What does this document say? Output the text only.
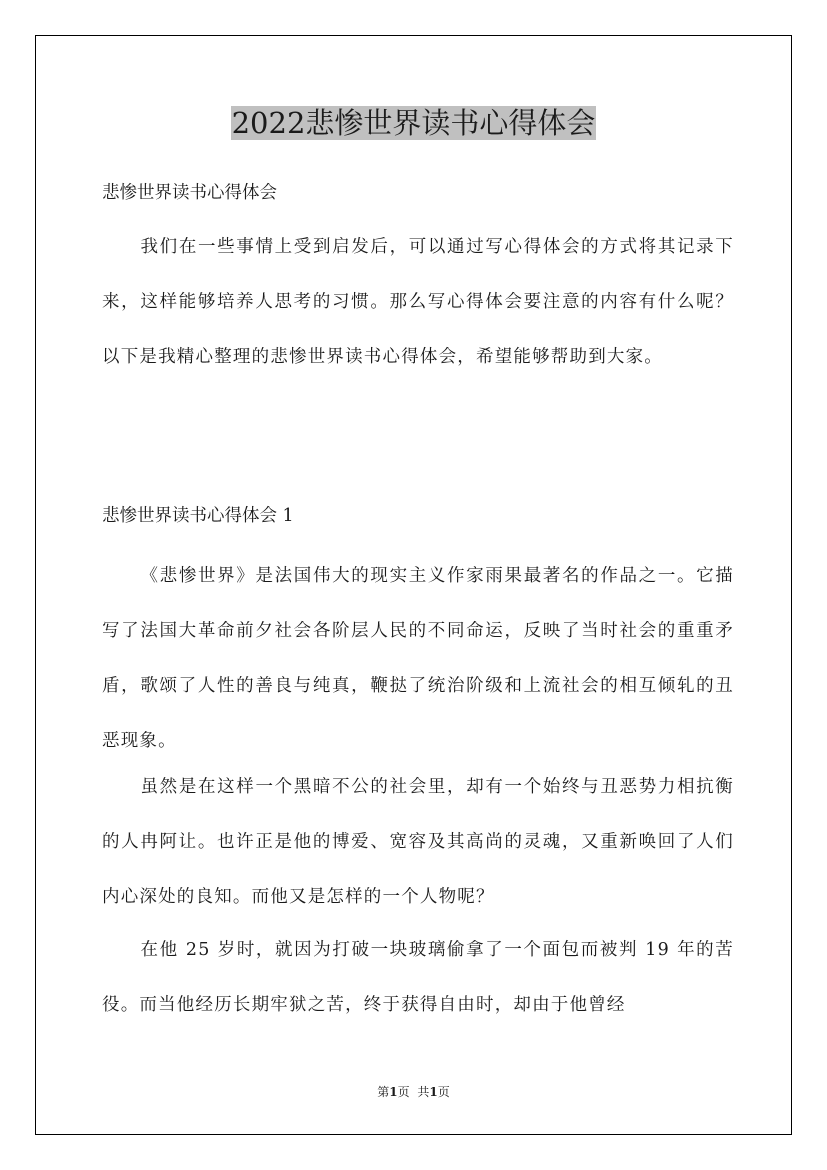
2022悲惨世界读书心得体会

悲惨世界读书心得体会

我们在一些事情上受到启发后，可以通过写心得体会的方式将其记录下来，这样能够培养人思考的习惯。那么写心得体会要注意的内容有什么呢？以下是我精心整理的悲惨世界读书心得体会，希望能够帮助到大家。

悲惨世界读书心得体会 1

《悲惨世界》是法国伟大的现实主义作家雨果最著名的作品之一。它描写了法国大革命前夕社会各阶层人民的不同命运，反映了当时社会的重重矛盾，歌颂了人性的善良与纯真，鞭挞了统治阶级和上流社会的相互倾轧的丑恶现象。

虽然是在这样一个黑暗不公的社会里，却有一个始终与丑恶势力相抗衡的人冉阿让。也许正是他的博爱、宽容及其高尚的灵魂，又重新唤回了人们内心深处的良知。而他又是怎样的一个人物呢？

在他 25 岁时，就因为打破一块玻璃偷拿了一个面包而被判 19 年的苦役。而当他经历长期牢狱之苦，终于获得自由时，却由于他曾经

第1页 共1页
